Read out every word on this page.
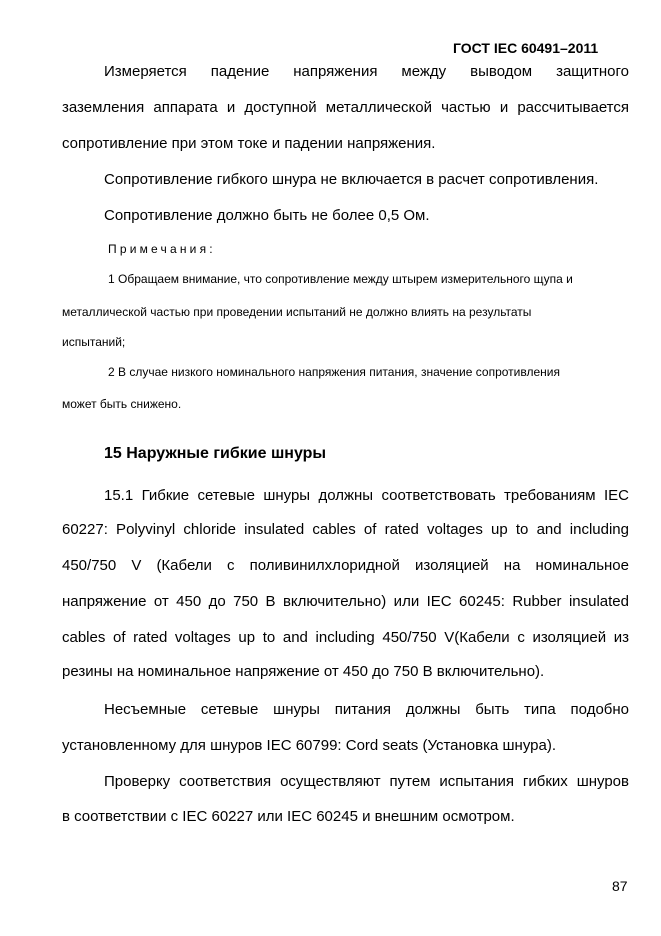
ГОСТ IEC 60491–2011
Измеряется падение напряжения между выводом защитного
заземления аппарата и доступной металлической частью и рассчитывается
сопротивление при этом токе и падении напряжения.
Сопротивление гибкого шнура не включается в расчет сопротивления.
Сопротивление должно быть не более 0,5 Ом.
Примечания:
1 Обращаем внимание, что сопротивление между штырем измерительного щупа и
металлической частью при проведении испытаний не должно влиять на результаты
испытаний;
2 В случае низкого номинального напряжения питания, значение сопротивления
может быть снижено.
15 Наружные гибкие шнуры
15.1 Гибкие сетевые шнуры должны соответствовать требованиям IEC
60227: Polyvinyl chloride insulated cables of rated voltages up to and including
450/750 V (Кабели с поливинилхлоридной изоляцией на номинальное
напряжение от 450 до 750 В включительно) или IEC 60245: Rubber insulated
cables of rated voltages up to and including 450/750 V(Кабели с изоляцией из
резины на номинальное напряжение от 450 до 750 В включительно).
Несъемные сетевые шнуры питания должны быть типа подобно
установленному для шнуров IEC 60799: Cord seats (Установка шнура).
Проверку соответствия осуществляют путем испытания гибких шнуров
в соответствии с IEC 60227 или IEC 60245 и внешним осмотром.
87
